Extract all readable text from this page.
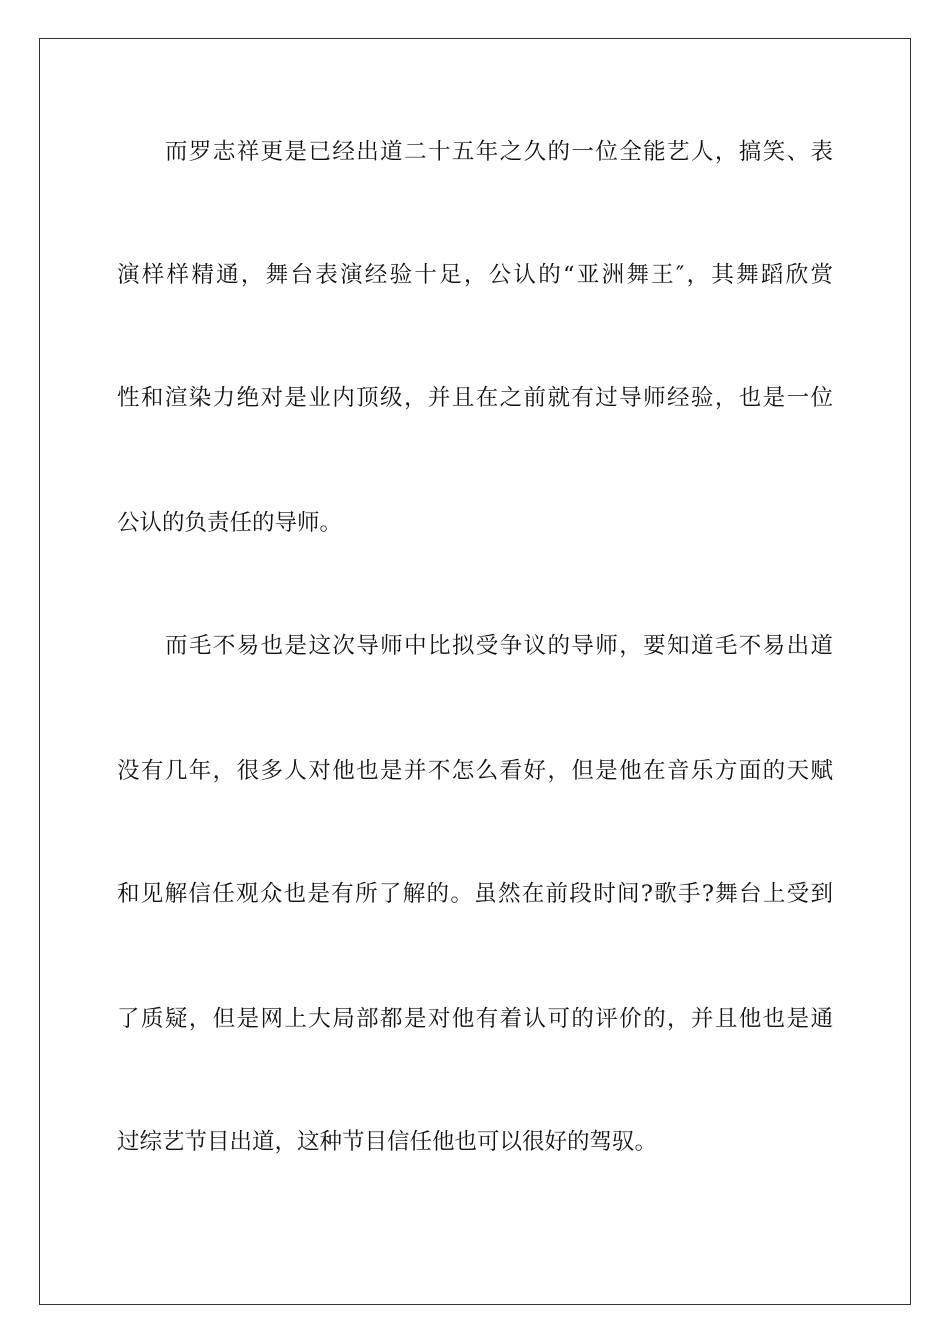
而罗志祥更是已经出道二十五年之久的一位全能艺人，搞笑、表
演样样精通，舞台表演经验十足，公认的“亚洲舞王″，其舞蹈欣赏
性和渲染力绝对是业内顶级，并且在之前就有过导师经验，也是一位
公认的负责任的导师。
而毛不易也是这次导师中比拟受争议的导师，要知道毛不易出道
没有几年，很多人对他也是并不怎么看好，但是他在音乐方面的天赋
和见解信任观众也是有所了解的。虽然在前段时间?歌手?舞台上受到
了质疑，但是网上大局部都是对他有着认可的评价的，并且他也是通
过综艺节目出道，这种节目信任他也可以很好的驾驭。
